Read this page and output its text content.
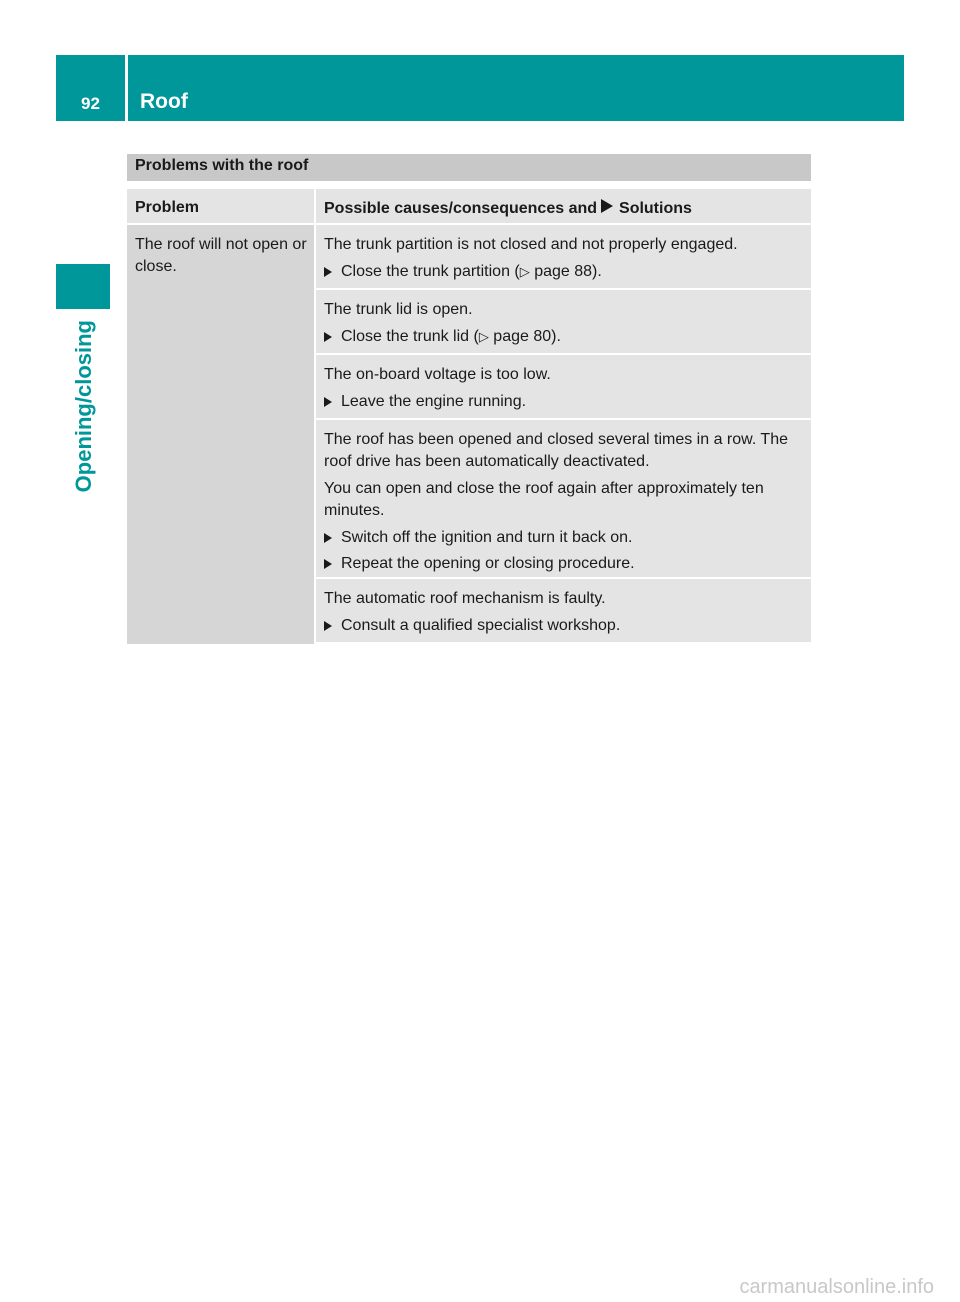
92	Roof
Opening/closing
Problems with the roof
Problem	Possible causes/consequences and Solutions
The roof will not open or close.

The trunk partition is not closed and not properly engaged.

Close the trunk partition (▷ page 88).

The trunk lid is open.

Close the trunk lid (▷ page 80).

The on-board voltage is too low.

Leave the engine running.

The roof has been opened and closed several times in a row. The roof drive has been automatically deactivated.

You can open and close the roof again after approximately ten minutes.

Switch off the ignition and turn it back on.
Repeat the opening or closing procedure.

The automatic roof mechanism is faulty.

Consult a qualified specialist workshop.
carmanualsonline.info
